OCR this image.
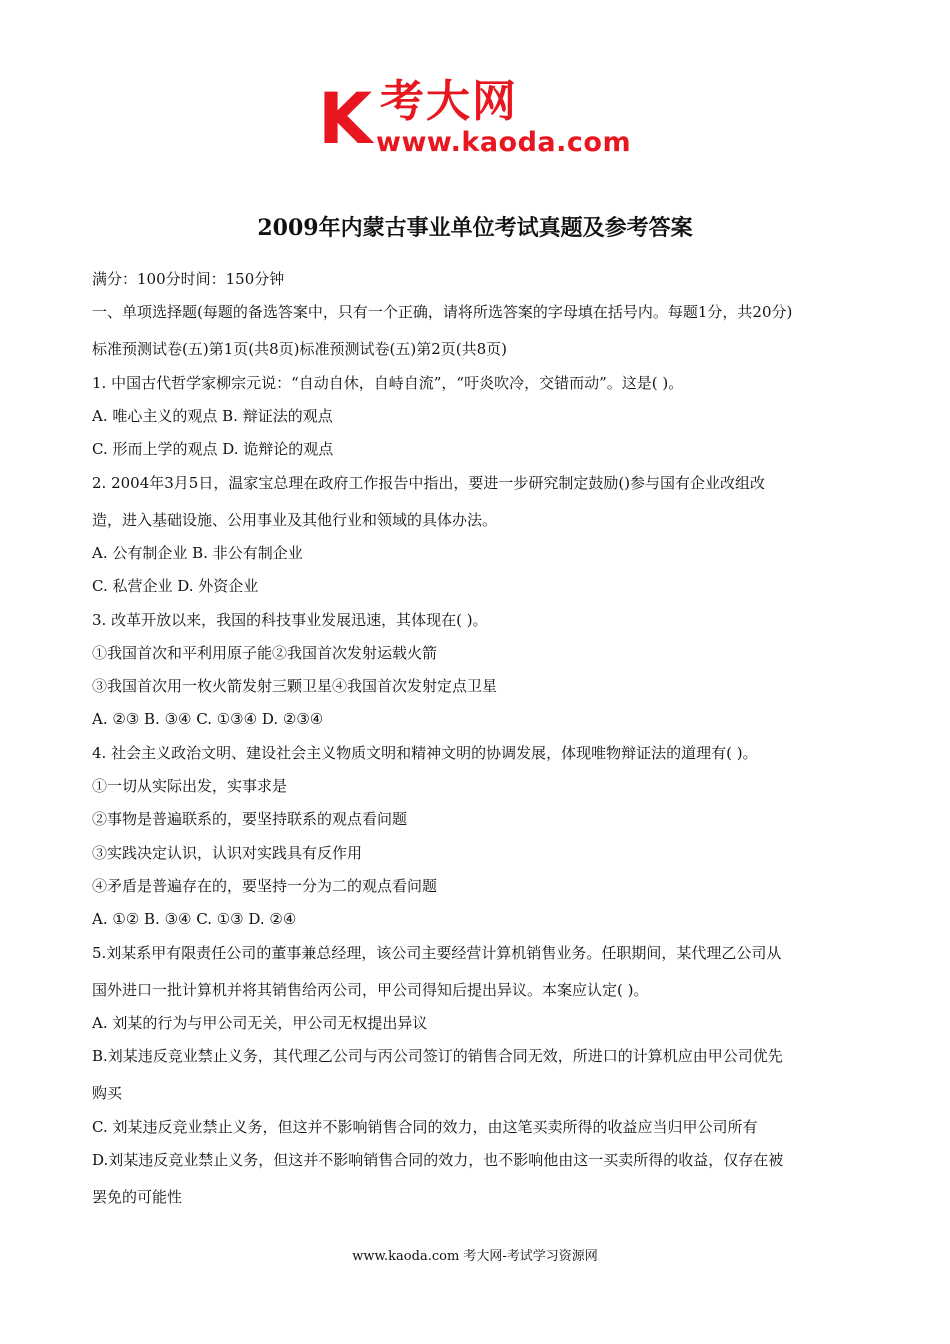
K 考大网
www.kaoda.com
2009年内蒙古事业单位考试真题及参考答案
满分：100分时间：150分钟
一、单项选择题(每题的备选答案中，只有一个正确，请将所选答案的字母填在括号内。每题1分，共20分)
标准预测试卷(五)第1页(共8页)标准预测试卷(五)第2页(共8页)
1. 中国古代哲学家柳宗元说：“自动自休，自峙自流”，“吁炎吹冷，交错而动”。这是( )。
A. 唯心主义的观点 B. 辩证法的观点
C. 形而上学的观点 D. 诡辩论的观点
2. 2004年3月5日，温家宝总理在政府工作报告中指出，要进一步研究制定鼓励()参与国有企业改组改
造，进入基础设施、公用事业及其他行业和领域的具体办法。
A. 公有制企业 B. 非公有制企业
C. 私营企业 D. 外资企业
3. 改革开放以来，我国的科技事业发展迅速，其体现在( )。
①我国首次和平利用原子能②我国首次发射运载火箭
③我国首次用一枚火箭发射三颗卫星④我国首次发射定点卫星
A. ②③ B. ③④ C. ①③④ D. ②③④
4. 社会主义政治文明、建设社会主义物质文明和精神文明的协调发展，体现唯物辩证法的道理有( )。
①一切从实际出发，实事求是
②事物是普遍联系的，要坚持联系的观点看问题
③实践决定认识，认识对实践具有反作用
④矛盾是普遍存在的，要坚持一分为二的观点看问题
A. ①② B. ③④ C. ①③ D. ②④
5.刘某系甲有限责任公司的董事兼总经理，该公司主要经营计算机销售业务。任职期间，某代理乙公司从
国外进口一批计算机并将其销售给丙公司，甲公司得知后提出异议。本案应认定( )。
A. 刘某的行为与甲公司无关，甲公司无权提出异议
B.刘某违反竞业禁止义务，其代理乙公司与丙公司签订的销售合同无效，所进口的计算机应由甲公司优先
购买
C. 刘某违反竞业禁止义务，但这并不影响销售合同的效力，由这笔买卖所得的收益应当归甲公司所有
D.刘某违反竞业禁止义务，但这并不影响销售合同的效力，也不影响他由这一买卖所得的收益，仅存在被
罢免的可能性
www.kaoda.com 考大网-考试学习资源网
